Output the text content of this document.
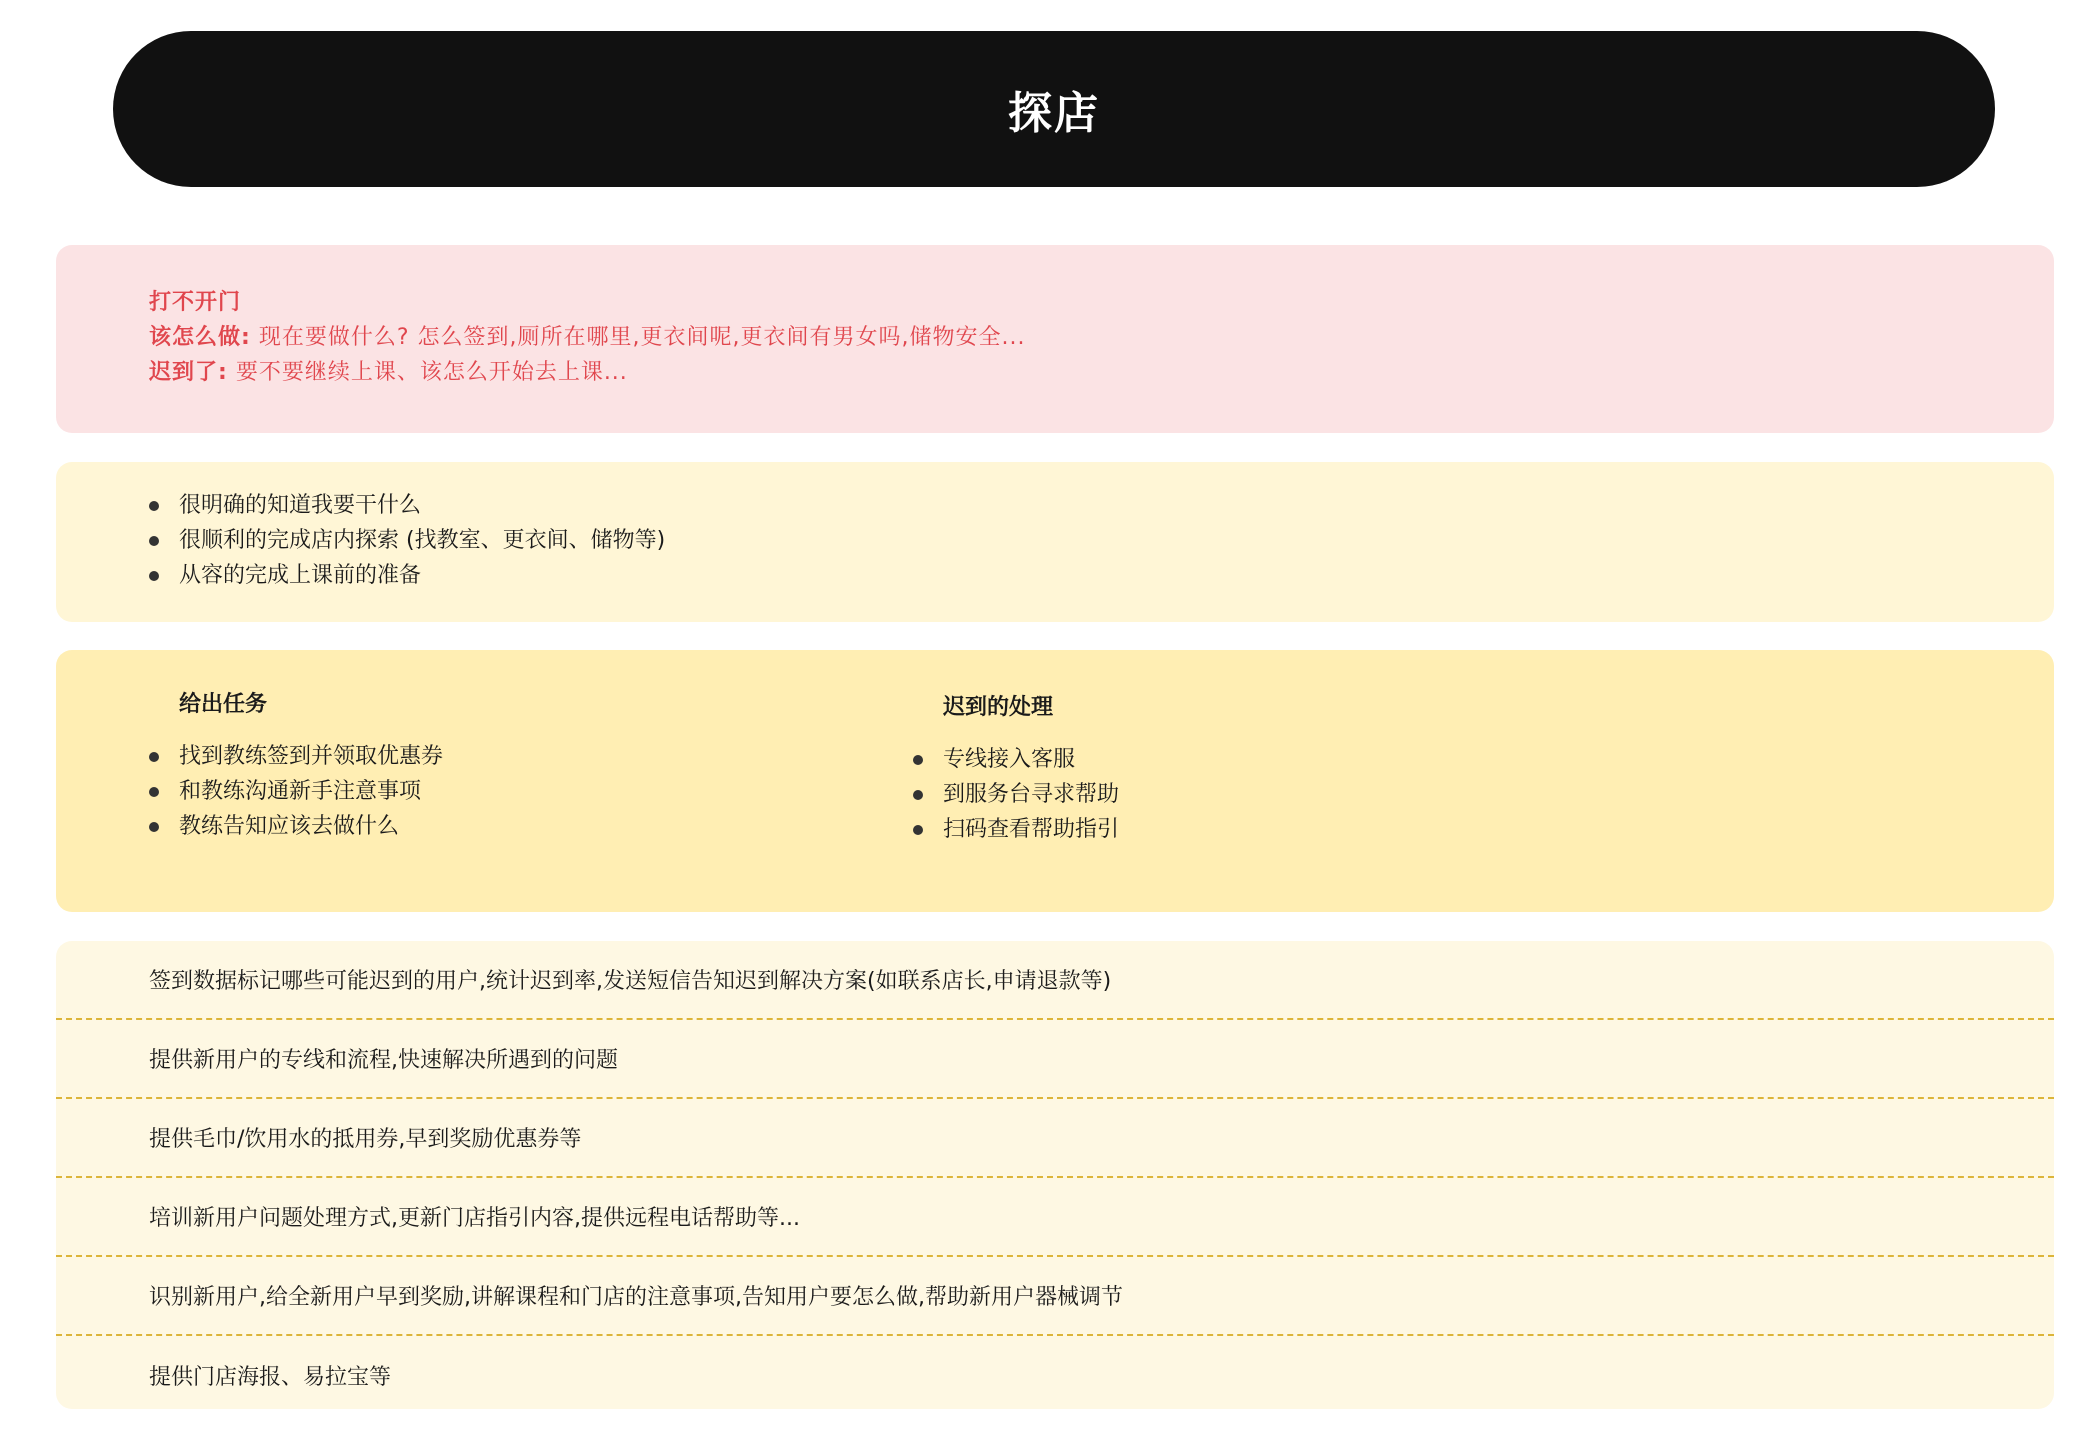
探店
打不开门
该怎么做: 现在要做什么? 怎么签到,厕所在哪里,更衣间呢,更衣间有男女吗,储物安全...
迟到了: 要不要继续上课、该怎么开始去上课...
很明确的知道我要干什么
很顺利的完成店内探索 (找教室、更衣间、储物等)
从容的完成上课前的准备
给出任务
找到教练签到并领取优惠券
和教练沟通新手注意事项
教练告知应该去做什么
迟到的处理
专线接入客服
到服务台寻求帮助
扫码查看帮助指引
签到数据标记哪些可能迟到的用户,统计迟到率,发送短信告知迟到解决方案(如联系店长,申请退款等)
提供新用户的专线和流程,快速解决所遇到的问题
提供毛巾/饮用水的抵用券,早到奖励优惠券等
培训新用户问题处理方式,更新门店指引内容,提供远程电话帮助等...
识别新用户,给全新用户早到奖励,讲解课程和门店的注意事项,告知用户要怎么做,帮助新用户器械调节
提供门店海报、易拉宝等
